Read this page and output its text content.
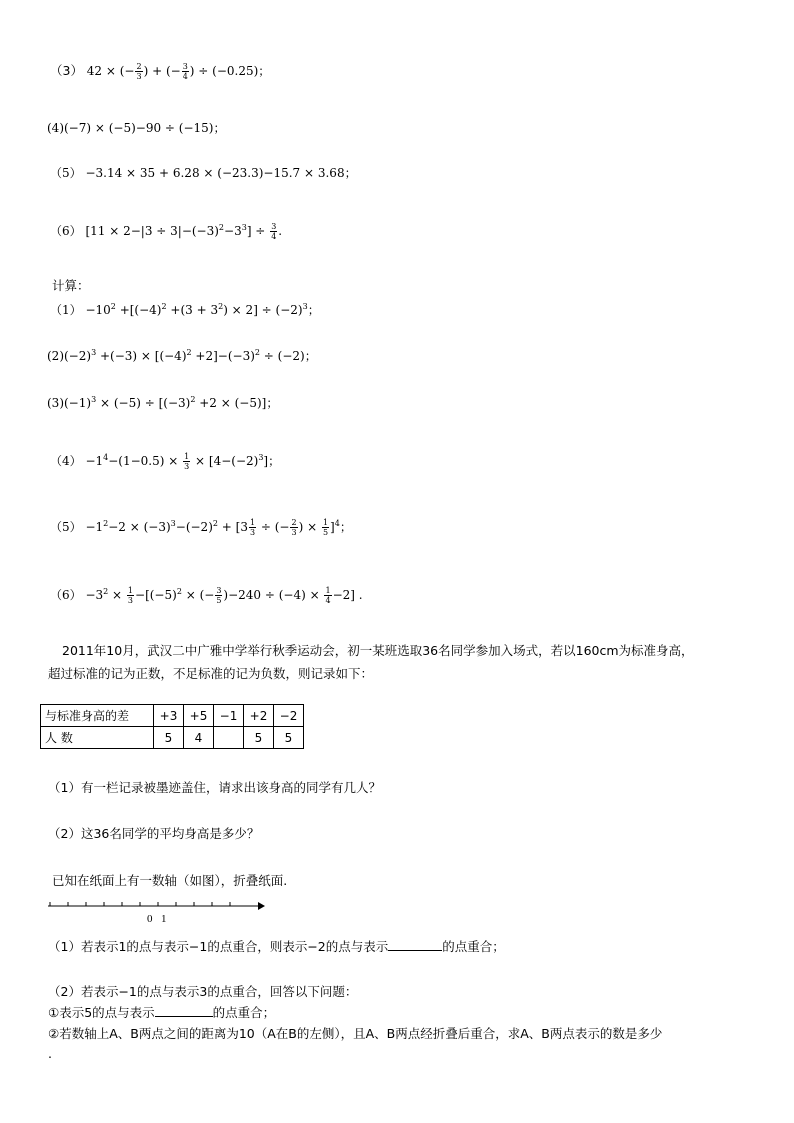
（3） 42 × (− $\frac{2}{3}$ ) + (− $\frac{3}{4}$ ) ÷ (−0.25)；
(4)(−7) × (−5)−90 ÷ (−15)；
（5） −3.14 × 35 + 6.28 × (−23.3)−15.7 × 3.68；
（6） $[11 \times 2-|3 \div 3|-(-3)^2-3^3] \div \frac{3}{4}$ .
计算：
$(1) -10^2 +[(-4)^2 +(3 + 3^2) \times 2] \div (-2)^3$；
$(2)(-2)^3 +(-3) \times [(-4)^2 +2]-(-3)^2 \div (-2)$；
$(3)(-1)^3 \times (-5) \div [(-3)^2 +2 \times (-5)]$；
$(4) -1^4-(1-0.5) \times \frac{1}{3} \times [4-(-2)^3]$；
$(5) -1^2-2 \times (-3)^3-(-2)^2 + [3 \frac{1}{3}$ ÷ (− $\frac{2}{3}$ ) × $\frac{1}{5} ]^4$；
$(6) -3^2 \times \frac{1}{3} -[(-5)^2$ × (− $\frac{3}{5} )-240 \div (-4) \times \frac{1}{4} -2$] .
2011年10月，武汉二中广雅中学举行秋季运动会，初一某班选取36名同学参加入场式，若以160cm为标准身高，
超过标准的记为正数，不足标准的记为负数，则记录如下：
与标准身高的差	+3	+5	−1	+2	−2
人 数	5	4		5	5
（1）有一栏记录被墨迹盖住，请求出该身高的同学有几人？
（2）这36名同学的平均身高是多少？
已知在纸面上有一数轴（如图），折叠纸面.
0 1
（1）若表示1的点与表示−1的点重合，则表示−2的点与表示	的点重合；
（2）若表示−1的点与表示3的点重合，回答以下问题：
①表示5的点与表示	的点重合；
②若数轴上A、B两点之间的距离为10（A在B的左侧），且A、B两点经折叠后重合，求A、B两点表示的数是多少
.
